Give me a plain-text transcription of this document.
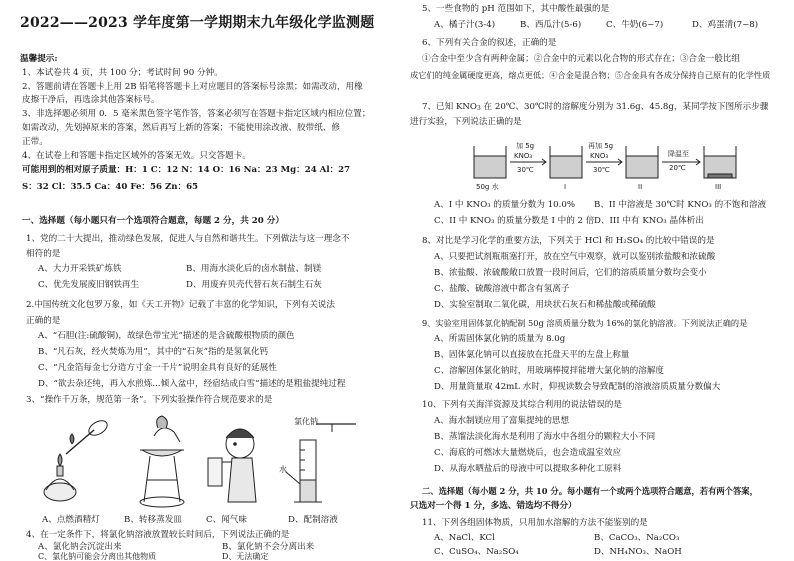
2022——2023 学年度第一学期期末九年级化学监测题
温馨提示:
1、本试卷共 4 页，共 100 分；考试时间 90 分钟。
2、答题前请在答题卡上用 2B 铅笔将答题卡上对应题目的答案标号涂黑；如需改动，用橡
皮擦干净后，再选涂其他答案标号。
3、非选择题必须用 0．5 毫米黑色签字笔作答，答案必须写在答题卡指定区域内相应位置；
如需改动，先划掉原来的答案，然后再写上新的答案；不能使用涂改液、胶带纸、修
正带。
4、在试卷上和答题卡指定区域外的答案无效。只交答题卡。
可能用到的相对原子质量：H：1 C：12 N：14 O：16 Na：23 Mg：24 Al：27
S：32 Cl：35.5 Ca：40 Fe：56 Zn：65
一、选择题（每小题只有一个选项符合题意，每题 2 分，共 20 分）
1、党的二十大提出，推动绿色发展，促进人与自然和谐共生。下列做法与这一理念不
相符的是
A、大力开采铁矿炼铁	B、用海水淡化后的卤水制盐、制镁
C、优先发展废旧钢铁再生	D、用废弃贝壳代替石灰石制生石灰
2.中国传统文化包罗万象，如《天工开物》记载了丰富的化学知识，下列有关说法
正确的是
A、“石胆(注:硫酸铜)，故绿色带宝光”描述的是含硫酸根物质的颜色
B、“凡石灰，经火焚炼为用”，其中的“石灰”指的是氢氧化钙
C、“凡金箔每金七分造方寸金一千片”说明金具有良好的延展性
D、“欲去杂还纯，再入水煎炼...倾入盆中，经宿结成白雪”描述的是粗盐提纯过程
3、“操作千万条，规范第一条”。下列实验操作符合规范要求的是
氯化钠
水
A、点燃酒精灯	B、转移蒸发皿	C、闻气味	D、配制溶液
4、在一定条件下，将氯化钠溶液放置较长时间后，下列说法正确的是
A、氯化钠会沉淀出来	B、氯化钠不会分离出来
C、氯化钠可能会分离出其他物质	D、无法确定
5、一些食物的 pH 范围如下，其中酸性最强的是
A、橘子汁(3-4)	B、西瓜汁(5-6)	C、牛奶(6~7)	D、鸡蛋清(7~8)
6、下列有关合金的叙述，正确的是
①合金中至少含有两种金属；②合金中的元素以化合物的形式存在；③合金一般比组
成它们的纯金属硬度更高，熔点更低；④合金是混合物；⑤合金具有各成分保持自己原有的化学性质
7、已知 KNO3 在 20℃、30℃时的溶解度分别为 31.6g、45.8g，某同学按下图所示步骤
进行实验，下列说法正确的是
加 5g
KNO₃
30℃
再加 5g
KNO₃
30℃
降温至
20℃
50g 水	I	II	III
A、I 中 KNO₃ 的质量分数为 10.0% B、II 中溶液是 30℃时 KNO₃ 的不饱和溶液
C、II 中 KNO₃ 的质量分数是 I 中的 2 倍 D、III 中有 KNO₃ 晶体析出
8、对比是学习化学的重要方法，下列关于 HCl 和 H₂SO₄ 的比较中错误的是
A、只要把试剂瓶瓶塞打开，放在空气中观察，就可以鉴别浓盐酸和浓硫酸
B、浓盐酸、浓硫酸敞口放置一段时间后，它们的溶质质量分数均会变小
C、盐酸、硫酸溶液中都含有氢离子
D、实验室制取二氧化碳，用块状石灰石和稀盐酸或稀硫酸
9、实验室用固体氯化钠配制 50g 溶质质量分数为 16%的氯化钠溶液。下列说法正确的是
A、所需固体氯化钠的质量为 8.0g
B、固体氯化钠可以直接放在托盘天平的左盘上称量
C、溶解固体氯化钠时，用玻璃棒搅拌能增大氯化钠的溶解度
D、用量筒量取 42mL 水时，仰视读数会导致配制的溶液溶质质量分数偏大
10、下列有关海洋资源及其综合利用的说法错误的是
A、海水制镁应用了富集提纯的思想
B、蒸馏法淡化海水是利用了海水中各组分的颗粒大小不同
C、海底的可燃冰大量燃烧后，也会造成温室效应
D、从海水晒盐后的母液中可以提取多种化工原料
二、选择题（每小题 2 分，共 10 分。每小题有一个或两个选项符合题意，若有两个答案，
只选对一个得 1 分，多选、错选均不得分）
11、下列各组固体物质，只用加水溶解的方法不能鉴别的是
A、NaCl、KCl	B、CaCO₃、Na₂CO₃
C、CuSO₄、Na₂SO₄	D、NH₄NO₃、NaOH
